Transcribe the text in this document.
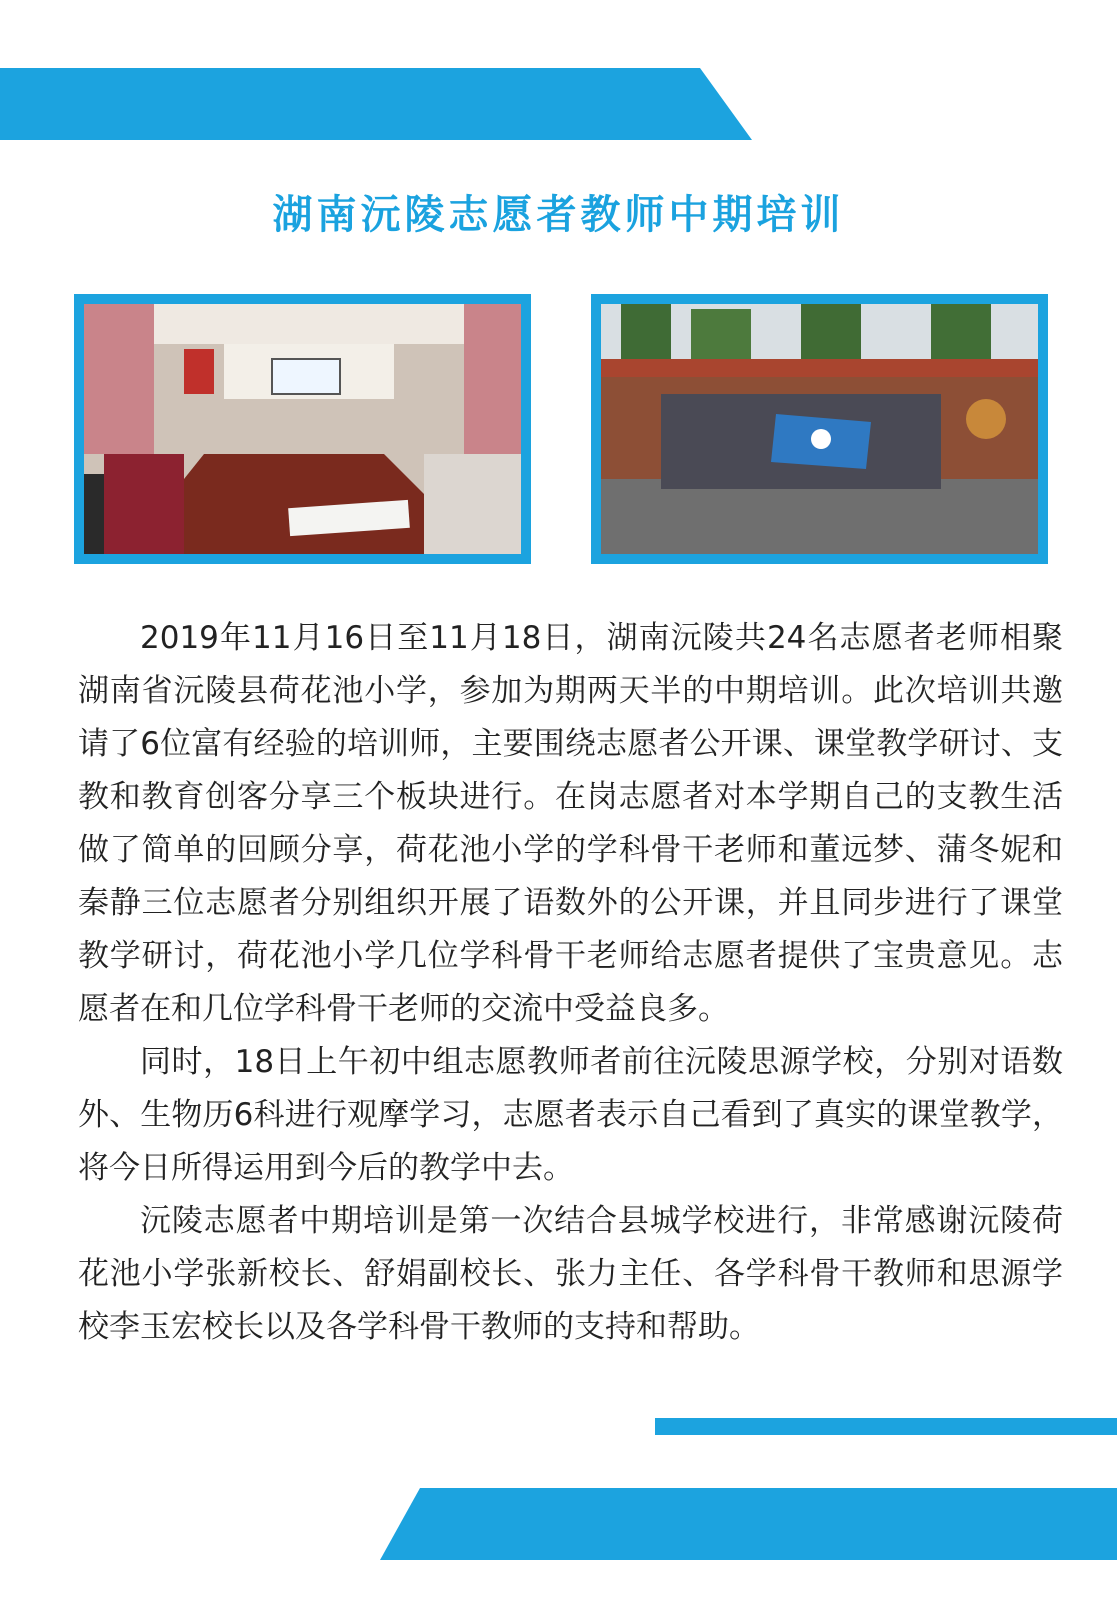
湖南沅陵志愿者教师中期培训

2019年11月16日至11月18日，湖南沅陵共24名志愿者老师相聚湖南省沅陵县荷花池小学，参加为期两天半的中期培训。此次培训共邀请了6位富有经验的培训师，主要围绕志愿者公开课、课堂教学研讨、支教和教育创客分享三个板块进行。在岗志愿者对本学期自己的支教生活做了简单的回顾分享，荷花池小学的学科骨干老师和董远梦、蒲冬妮和秦静三位志愿者分别组织开展了语数外的公开课，并且同步进行了课堂教学研讨，荷花池小学几位学科骨干老师给志愿者提供了宝贵意见。志愿者在和几位学科骨干老师的交流中受益良多。

同时，18日上午初中组志愿教师者前往沅陵思源学校，分别对语数外、生物历6科进行观摩学习，志愿者表示自己看到了真实的课堂教学，将今日所得运用到今后的教学中去。

沅陵志愿者中期培训是第一次结合县城学校进行，非常感谢沅陵荷花池小学张新校长、舒娟副校长、张力主任、各学科骨干教师和思源学校李玉宏校长以及各学科骨干教师的支持和帮助。
